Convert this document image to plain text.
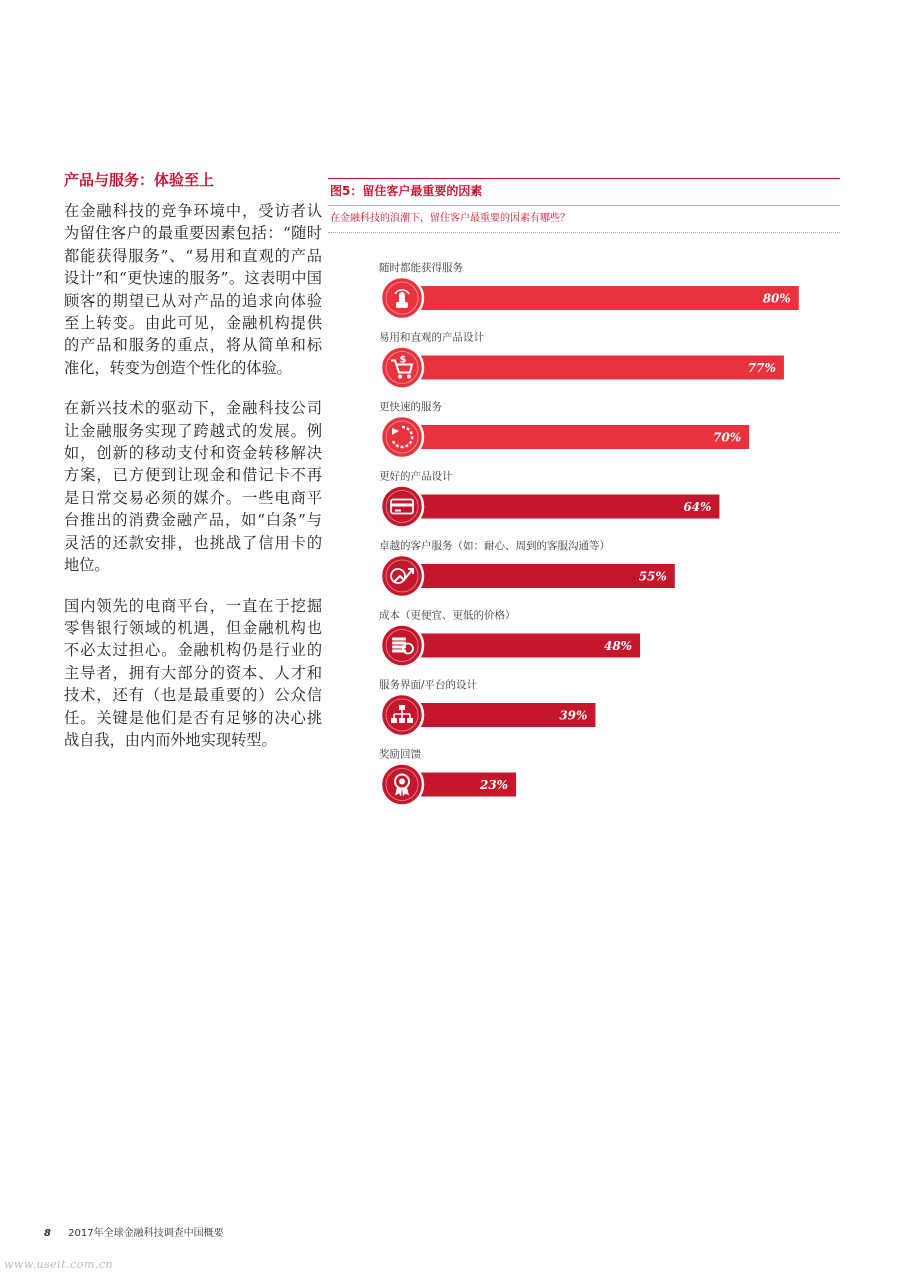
产品与服务：体验至上

在金融科技的竞争环境中，受访者认为留住客户的最重要因素包括：“随时都能获得服务”、“易用和直观的产品设计”和“更快速的服务”。这表明中国顾客的期望已从对产品的追求向体验至上转变。由此可见，金融机构提供的产品和服务的重点，将从简单和标准化，转变为创造个性化的体验。

在新兴技术的驱动下，金融科技公司让金融服务实现了跨越式的发展。例如，创新的移动支付和资金转移解决方案，已方便到让现金和借记卡不再是日常交易必须的媒介。一些电商平台推出的消费金融产品，如“白条”与灵活的还款安排，也挑战了信用卡的地位。

国内领先的电商平台，一直在于挖掘零售银行领域的机遇，但金融机构也不必太过担心。金融机构仍是行业的主导者，拥有大部分的资本、人才和技术，还有（也是最重要的）公众信任。关键是他们是否有足够的决心挑战自我，由内而外地实现转型。

图5：留住客户最重要的因素
在金融科技的浪潮下，留住客户最重要的因素有哪些？
随时都能获得服务
80%
易用和直观的产品设计
77%
$
更快速的服务
70%
更好的产品设计
64%
卓越的客户服务（如：耐心、周到的客服沟通等）
55%
成本（更便宜、更低的价格）
48%
服务界面/平台的设计
39%
奖励回馈
23%
8 2017年全球金融科技调查中国概要
www.useit.com.cn
